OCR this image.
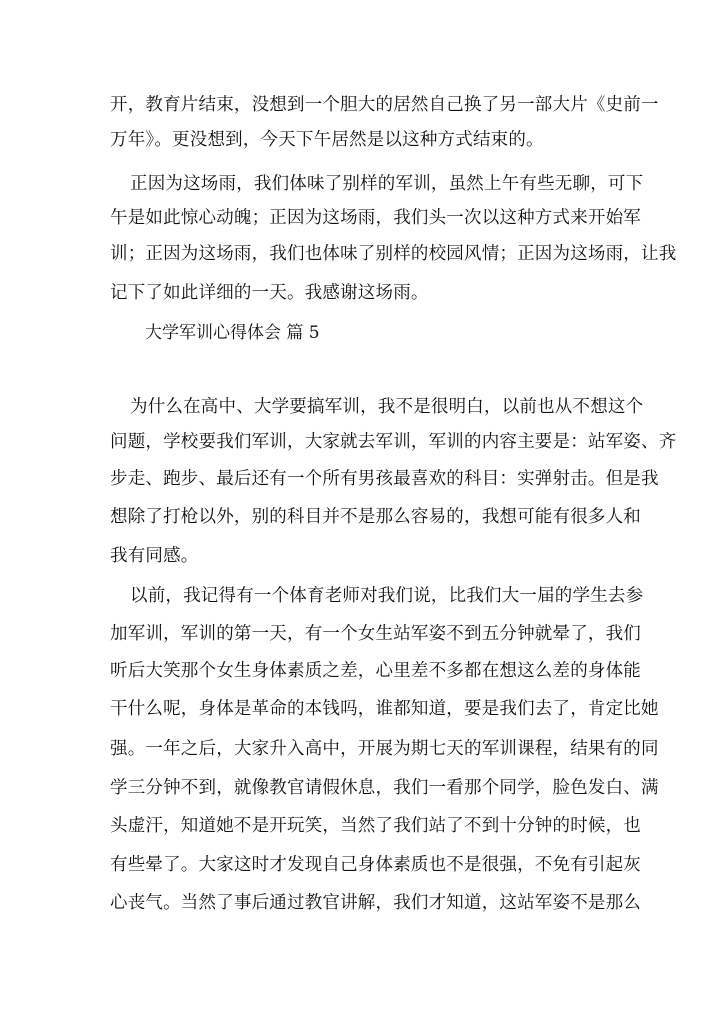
开，教育片结束，没想到一个胆大的居然自己换了另一部大片《史前一
万年》。更没想到，今天下午居然是以这种方式结束的。
正因为这场雨，我们体味了别样的军训，虽然上午有些无聊，可下
午是如此惊心动魄；正因为这场雨，我们头一次以这种方式来开始军
训；正因为这场雨，我们也体味了别样的校园风情；正因为这场雨，让我
记下了如此详细的一天。我感谢这场雨。
大学军训心得体会 篇 5
为什么在高中、大学要搞军训，我不是很明白，以前也从不想这个
问题，学校要我们军训，大家就去军训，军训的内容主要是：站军姿、齐
步走、跑步、最后还有一个所有男孩最喜欢的科目：实弹射击。但是我
想除了打枪以外，别的科目并不是那么容易的，我想可能有很多人和
我有同感。
以前，我记得有一个体育老师对我们说，比我们大一届的学生去参
加军训，军训的第一天，有一个女生站军姿不到五分钟就晕了，我们
听后大笑那个女生身体素质之差，心里差不多都在想这么差的身体能
干什么呢，身体是革命的本钱吗，谁都知道，要是我们去了，肯定比她
强。一年之后，大家升入高中，开展为期七天的军训课程，结果有的同
学三分钟不到，就像教官请假休息，我们一看那个同学，脸色发白、满
头虚汗，知道她不是开玩笑，当然了我们站了不到十分钟的时候，也
有些晕了。大家这时才发现自己身体素质也不是很强，不免有引起灰
心丧气。当然了事后通过教官讲解，我们才知道，这站军姿不是那么
